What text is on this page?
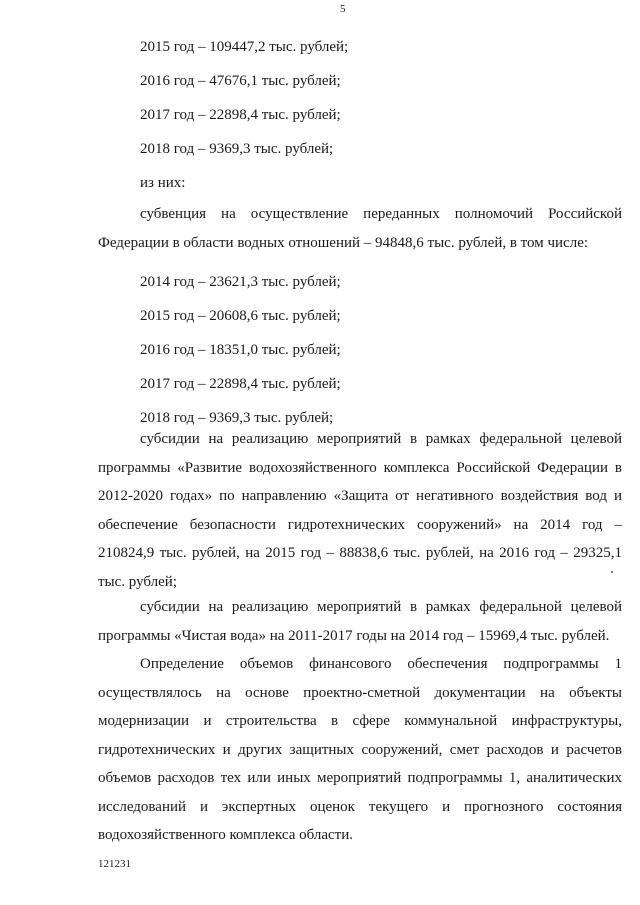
5
2015 год – 109447,2 тыс. рублей;
2016 год – 47676,1 тыс. рублей;
2017 год – 22898,4 тыс. рублей;
2018 год – 9369,3 тыс. рублей;
из них:
субвенция на осуществление переданных полномочий Российской Федерации в области водных отношений – 94848,6 тыс. рублей, в том числе:
2014 год – 23621,3 тыс. рублей;
2015 год – 20608,6 тыс. рублей;
2016 год – 18351,0 тыс. рублей;
2017 год – 22898,4 тыс. рублей;
2018 год – 9369,3 тыс. рублей;
субсидии на реализацию мероприятий в рамках федеральной целевой программы «Развитие водохозяйственного комплекса Российской Федерации в 2012-2020 годах» по направлению «Защита от негативного воздействия вод и обеспечение безопасности гидротехнических сооружений» на 2014 год – 210824,9 тыс. рублей, на 2015 год – 88838,6 тыс. рублей, на 2016 год – 29325,1 тыс. рублей;
субсидии на реализацию мероприятий в рамках федеральной целевой программы «Чистая вода» на 2011-2017 годы на 2014 год – 15969,4 тыс. рублей.
Определение объемов финансового обеспечения подпрограммы 1 осуществлялось на основе проектно-сметной документации на объекты модернизации и строительства в сфере коммунальной инфраструктуры, гидротехнических и других защитных сооружений, смет расходов и расчетов объемов расходов тех или иных мероприятий подпрограммы 1, аналитических исследований и экспертных оценок текущего и прогнозного состояния водохозяйственного комплекса области.
121231
